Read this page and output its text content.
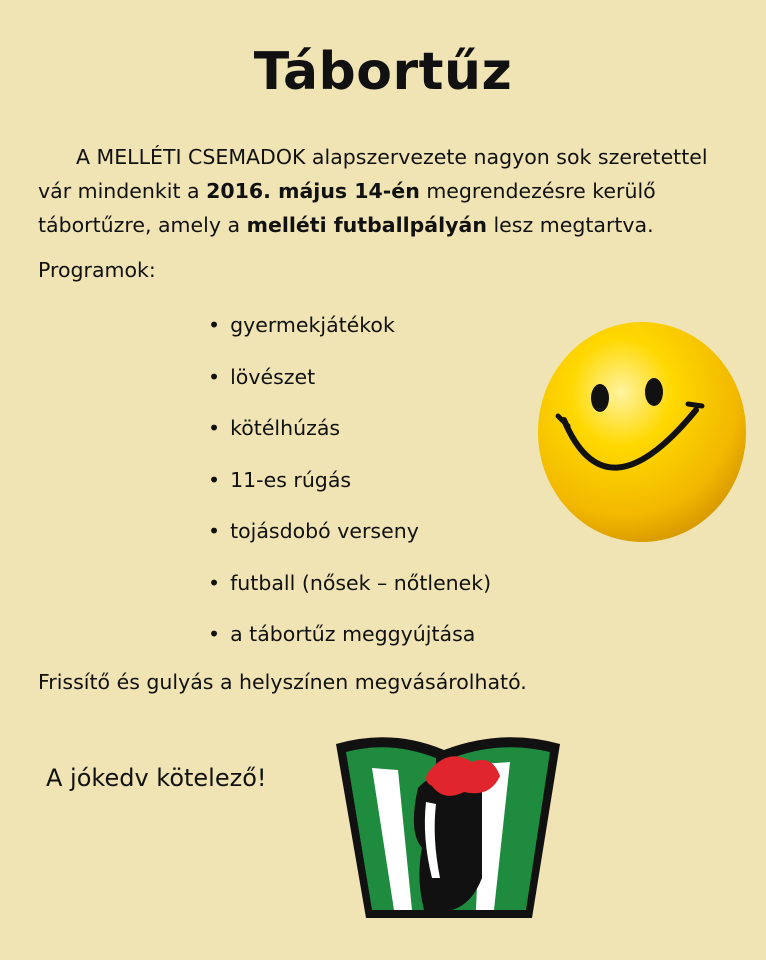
Tábortűz

A MELLÉTI CSEMADOK alapszervezete nagyon sok szeretettel vár mindenkit a 2016. május 14-én megrendezésre kerülő tábortűzre, amely a melléti futballpályán lesz megtartva.

Programok:

• gyermekjátékok
• lövészet
• kötélhúzás
• 11-es rúgás
• tojásdobó verseny
• futball (nősek – nőtlenek)
• a tábortűz meggyújtása

Frissítő és gulyás a helyszínen megvásárolható.

A jókedv kötelező!
